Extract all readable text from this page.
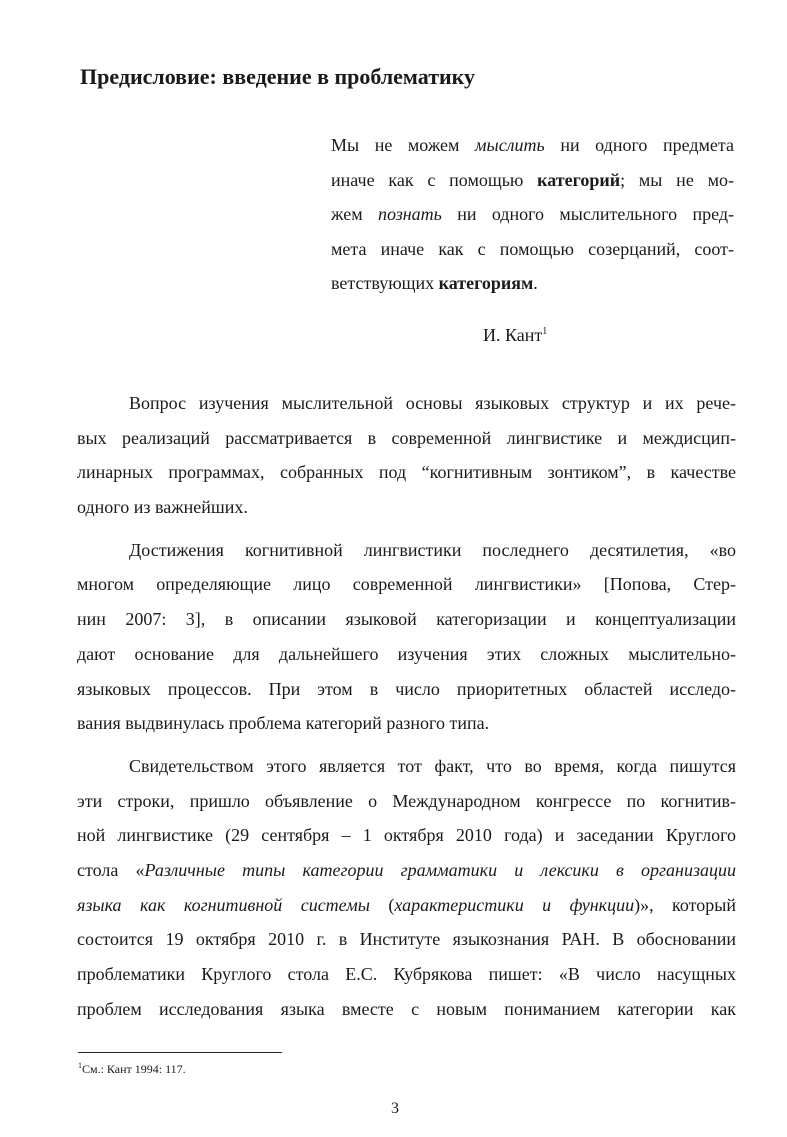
Предисловие: введение в проблематику
Мы не можем мыслить ни одного предмета
иначе как с помощью категорий; мы не мо-
жем познать ни одного мыслительного пред-
мета иначе как с помощью созерцаний, соот-
ветствующих категориям.
И. Кант$^1$
Вопрос изучения мыслительной основы языковых структур и их рече-
вых реализаций рассматривается в современной лингвистике и междисцип-
линарных программах, собранных под “когнитивным зонтиком”, в качестве
одного из важнейших.
Достижения когнитивной лингвистики последнего десятилетия, «во
многом определяющие лицо современной лингвистики» [Попова, Стер-
нин 2007: 3], в описании языковой категоризации и концептуализации
дают основание для дальнейшего изучения этих сложных мыслительно-
языковых процессов. При этом в число приоритетных областей исследо-
вания выдвинулась проблема категорий разного типа.
Свидетельством этого является тот факт, что во время, когда пишутся
эти строки, пришло объявление о Международном конгрессе по когнитив-
ной лингвистике (29 сентября – 1 октября 2010 года) и заседании Круглого
стола «Различные типы категории грамматики и лексики в организации
языка как когнитивной системы (характеристики и функции)», который
состоится 19 октября 2010 г. в Институте языкознания РАН. В обосновании
проблематики Круглого стола Е.С. Кубрякова пишет: «В число насущных
проблем исследования языка вместе с новым пониманием категории как
$^1$См.: Кант 1994: 117.
3
